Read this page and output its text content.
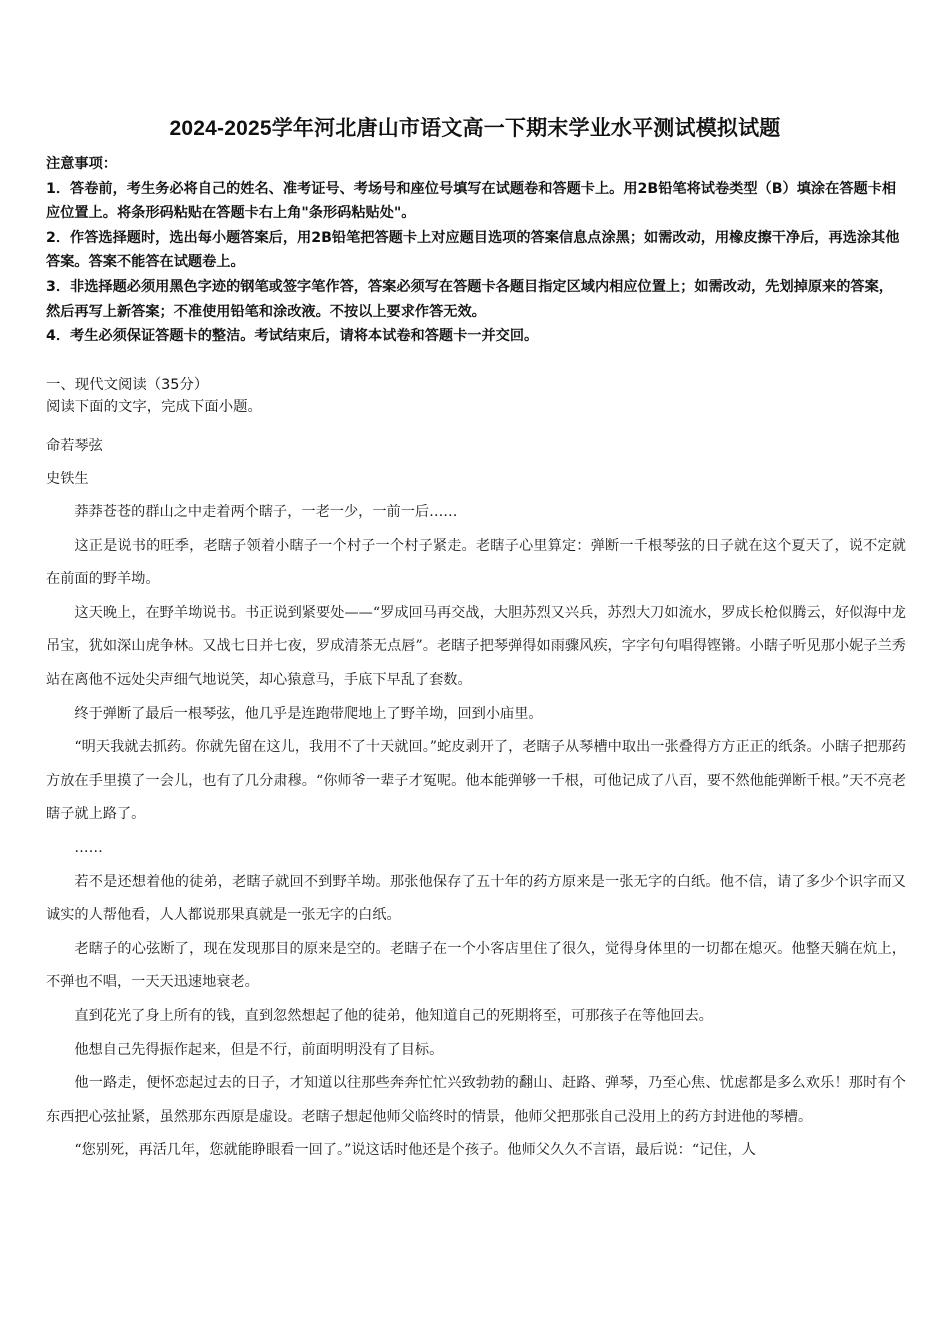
2024-2025学年河北唐山市语文高一下期末学业水平测试模拟试题

注意事项：

1．答卷前，考生务必将自己的姓名、准考证号、考场号和座位号填写在试题卷和答题卡上。用2B铅笔将试卷类型（B）填涂在答题卡相应位置上。将条形码粘贴在答题卡右上角"条形码粘贴处"。

2．作答选择题时，选出每小题答案后，用2B铅笔把答题卡上对应题目选项的答案信息点涂黑；如需改动，用橡皮擦干净后，再选涂其他答案。答案不能答在试题卷上。

3．非选择题必须用黑色字迹的钢笔或签字笔作答，答案必须写在答题卡各题目指定区域内相应位置上；如需改动，先划掉原来的答案，然后再写上新答案；不准使用铅笔和涂改液。不按以上要求作答无效。

4．考生必须保证答题卡的整洁。考试结束后，请将本试卷和答题卡一并交回。

一、现代文阅读（35分）

阅读下面的文字，完成下面小题。

命若琴弦

史铁生

莽莽苍苍的群山之中走着两个瞎子，一老一少，一前一后……

这正是说书的旺季，老瞎子领着小瞎子一个村子一个村子紧走。老瞎子心里算定：弹断一千根琴弦的日子就在这个夏天了，说不定就在前面的野羊坳。

这天晚上，在野羊坳说书。书正说到紧要处——“罗成回马再交战，大胆苏烈又兴兵，苏烈大刀如流水，罗成长枪似腾云，好似海中龙吊宝，犹如深山虎争林。又战七日并七夜，罗成清茶无点唇”。老瞎子把琴弹得如雨骤风疾，字字句句唱得铿锵。小瞎子听见那小妮子兰秀站在离他不远处尖声细气地说笑，却心猿意马，手底下早乱了套数。

终于弹断了最后一根琴弦，他几乎是连跑带爬地上了野羊坳，回到小庙里。

“明天我就去抓药。你就先留在这儿，我用不了十天就回。”蛇皮剥开了，老瞎子从琴槽中取出一张叠得方方正正的纸条。小瞎子把那药方放在手里摸了一会儿，也有了几分肃穆。“你师爷一辈子才冤呢。他本能弹够一千根，可他记成了八百，要不然他能弹断千根。”天不亮老瞎子就上路了。

……

若不是还想着他的徒弟，老瞎子就回不到野羊坳。那张他保存了五十年的药方原来是一张无字的白纸。他不信，请了多少个识字而又诚实的人帮他看，人人都说那果真就是一张无字的白纸。

老瞎子的心弦断了，现在发现那目的原来是空的。老瞎子在一个小客店里住了很久，觉得身体里的一切都在熄灭。他整天躺在炕上，不弹也不唱，一天天迅速地衰老。

直到花光了身上所有的钱，直到忽然想起了他的徒弟，他知道自己的死期将至，可那孩子在等他回去。

他想自己先得振作起来，但是不行，前面明明没有了目标。

他一路走，便怀恋起过去的日子，才知道以往那些奔奔忙忙兴致勃勃的翻山、赶路、弹琴，乃至心焦、忧虑都是多么欢乐！那时有个东西把心弦扯紧，虽然那东西原是虚设。老瞎子想起他师父临终时的情景，他师父把那张自己没用上的药方封进他的琴槽。

“您别死，再活几年，您就能睁眼看一回了。”说这话时他还是个孩子。他师父久久不言语，最后说：“记住，人
